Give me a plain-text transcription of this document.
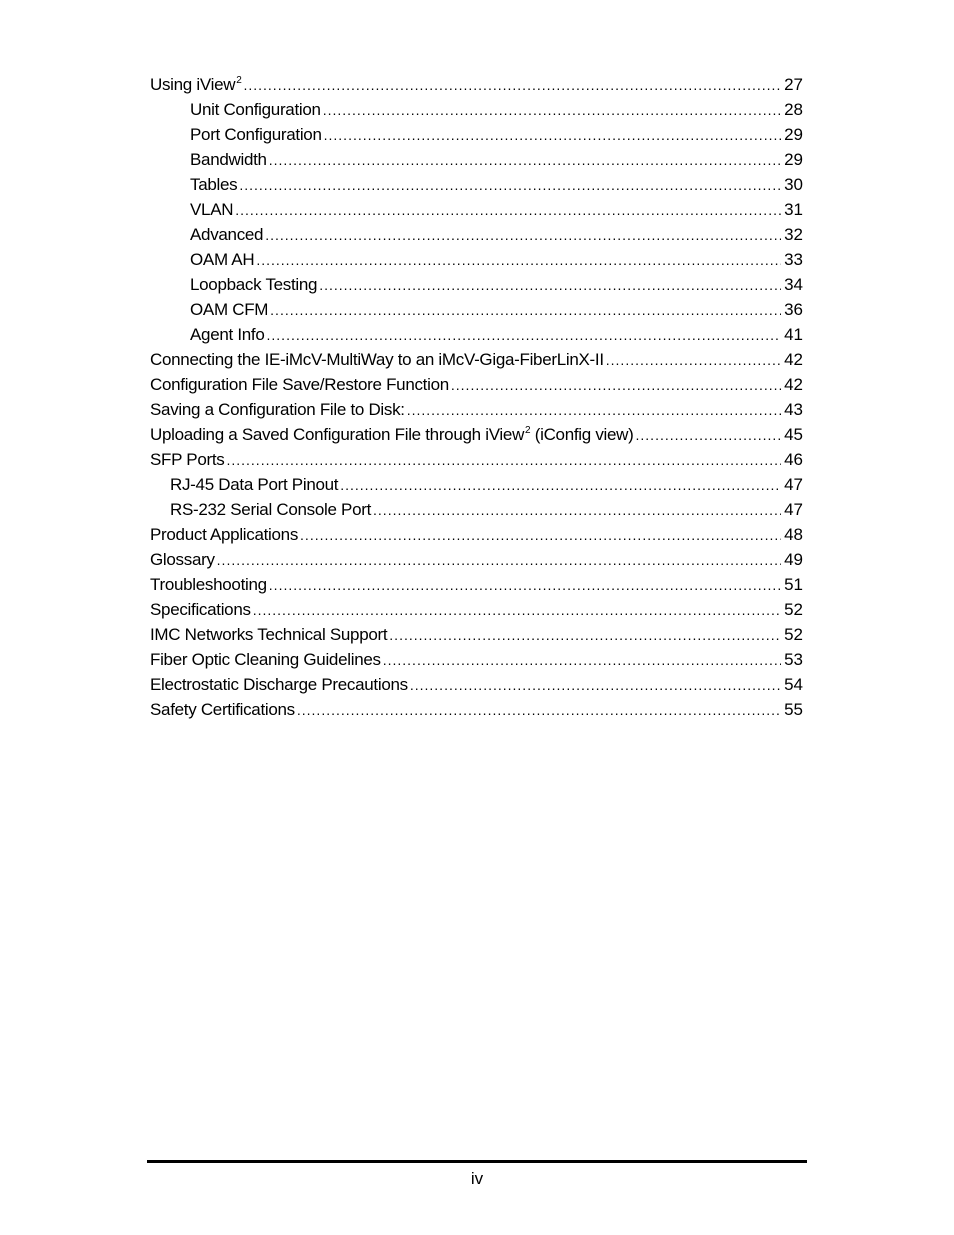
Using iView$^2$ .....	27
Unit Configuration .....	28
Port Configuration .....	29
Bandwidth .....	29
Tables .....	30
VLAN .....	31
Advanced .....	32
OAM AH .....	33
Loopback Testing .....	34
OAM CFM .....	36
Agent Info .....	41
Connecting the IE-iMcV-MultiWay to an iMcV-Giga-FiberLinX-II .....	42
Configuration File Save/Restore Function .....	42
Saving a Configuration File to Disk: .....	43
Uploading a Saved Configuration File through iView$^2$ (iConfig view) .....	45
SFP Ports .....	46
RJ-45 Data Port Pinout .....	47
RS-232 Serial Console Port .....	47
Product Applications .....	48
Glossary .....	49
Troubleshooting .....	51
Specifications .....	52
IMC Networks Technical Support .....	52
Fiber Optic Cleaning Guidelines .....	53
Electrostatic Discharge Precautions .....	54
Safety Certifications .....	55
iv
